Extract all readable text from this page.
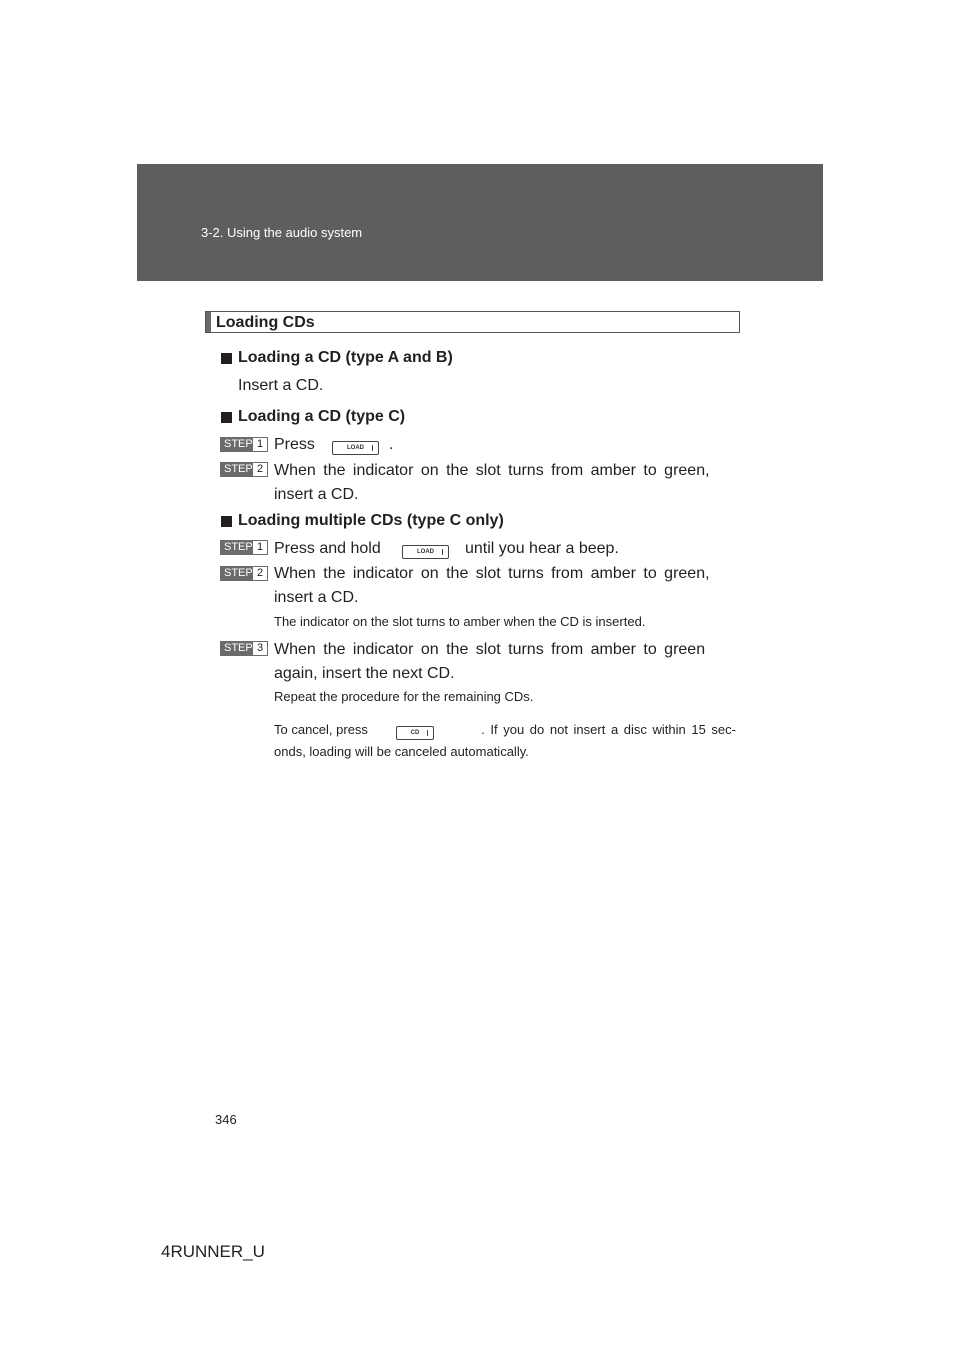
3-2. Using the audio system
Loading CDs
Loading a CD (type A and B)
Insert a CD.
Loading a CD (type C)
STEP 1 Press	LOAD	.
STEP 2 When the indicator on the slot turns from amber to green,
insert a CD.
Loading multiple CDs (type C only)
STEP 1 Press and hold	LOAD	until you hear a beep.
STEP 2 When the indicator on the slot turns from amber to green,
insert a CD.
The indicator on the slot turns to amber when the CD is inserted.
STEP 3 When the indicator on the slot turns from amber to green
again, insert the next CD.
Repeat the procedure for the remaining CDs.
To cancel, press	CD	. If you do not insert a disc within 15 sec-
onds, loading will be canceled automatically.
346
4RUNNER_U
